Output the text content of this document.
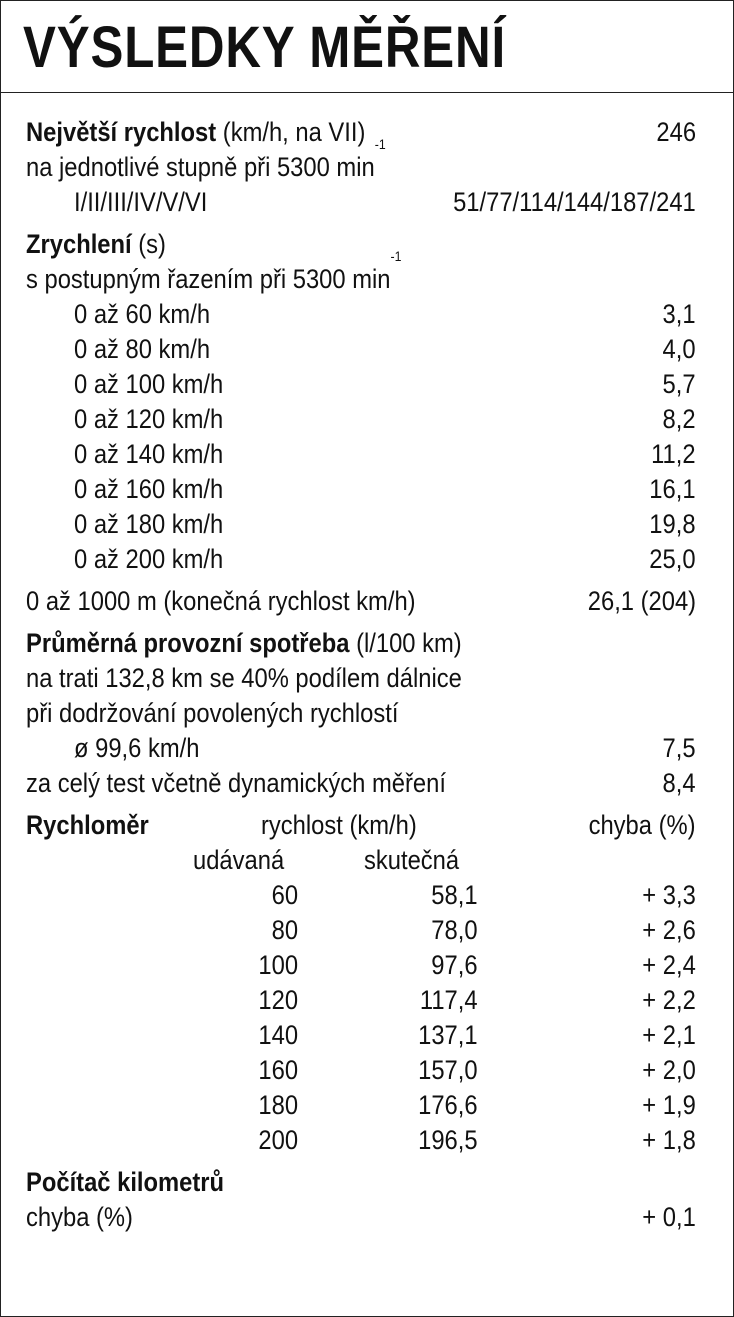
VÝSLEDKY MĚŘENÍ
Největší rychlost (km/h, na VII)	246
na jednotlivé stupně při 5300 $\min^{-1}$
I/II/III/IV/V/VI	51/77/114/144/187/241
Zrychlení (s)
s postupným řazením při 5300 $\min^{-1}$
0 až 60 km/h	3,1
0 až 80 km/h	4,0
0 až 100 km/h	5,7
0 až 120 km/h	8,2
0 až 140 km/h	11,2
0 až 160 km/h	16,1
0 až 180 km/h	19,8
0 až 200 km/h	25,0
0 až 1000 m (konečná rychlost km/h)	26,1 (204)
Průměrná provozní spotřeba (l/100 km)
na trati 132,8 km se 40% podílem dálnice
při dodržování povolených rychlostí
ø 99,6 km/h	7,5
za celý test včetně dynamických měření	8,4
Rychloměr	rychlost (km/h)	chyba (%)
udávaná	skutečná
60	58,1	+ 3,3
80	78,0	+ 2,6
100	97,6	+ 2,4
120	117,4	+ 2,2
140	137,1	+ 2,1
160	157,0	+ 2,0
180	176,6	+ 1,9
200	196,5	+ 1,8
Počítač kilometrů
chyba (%)	+ 0,1
